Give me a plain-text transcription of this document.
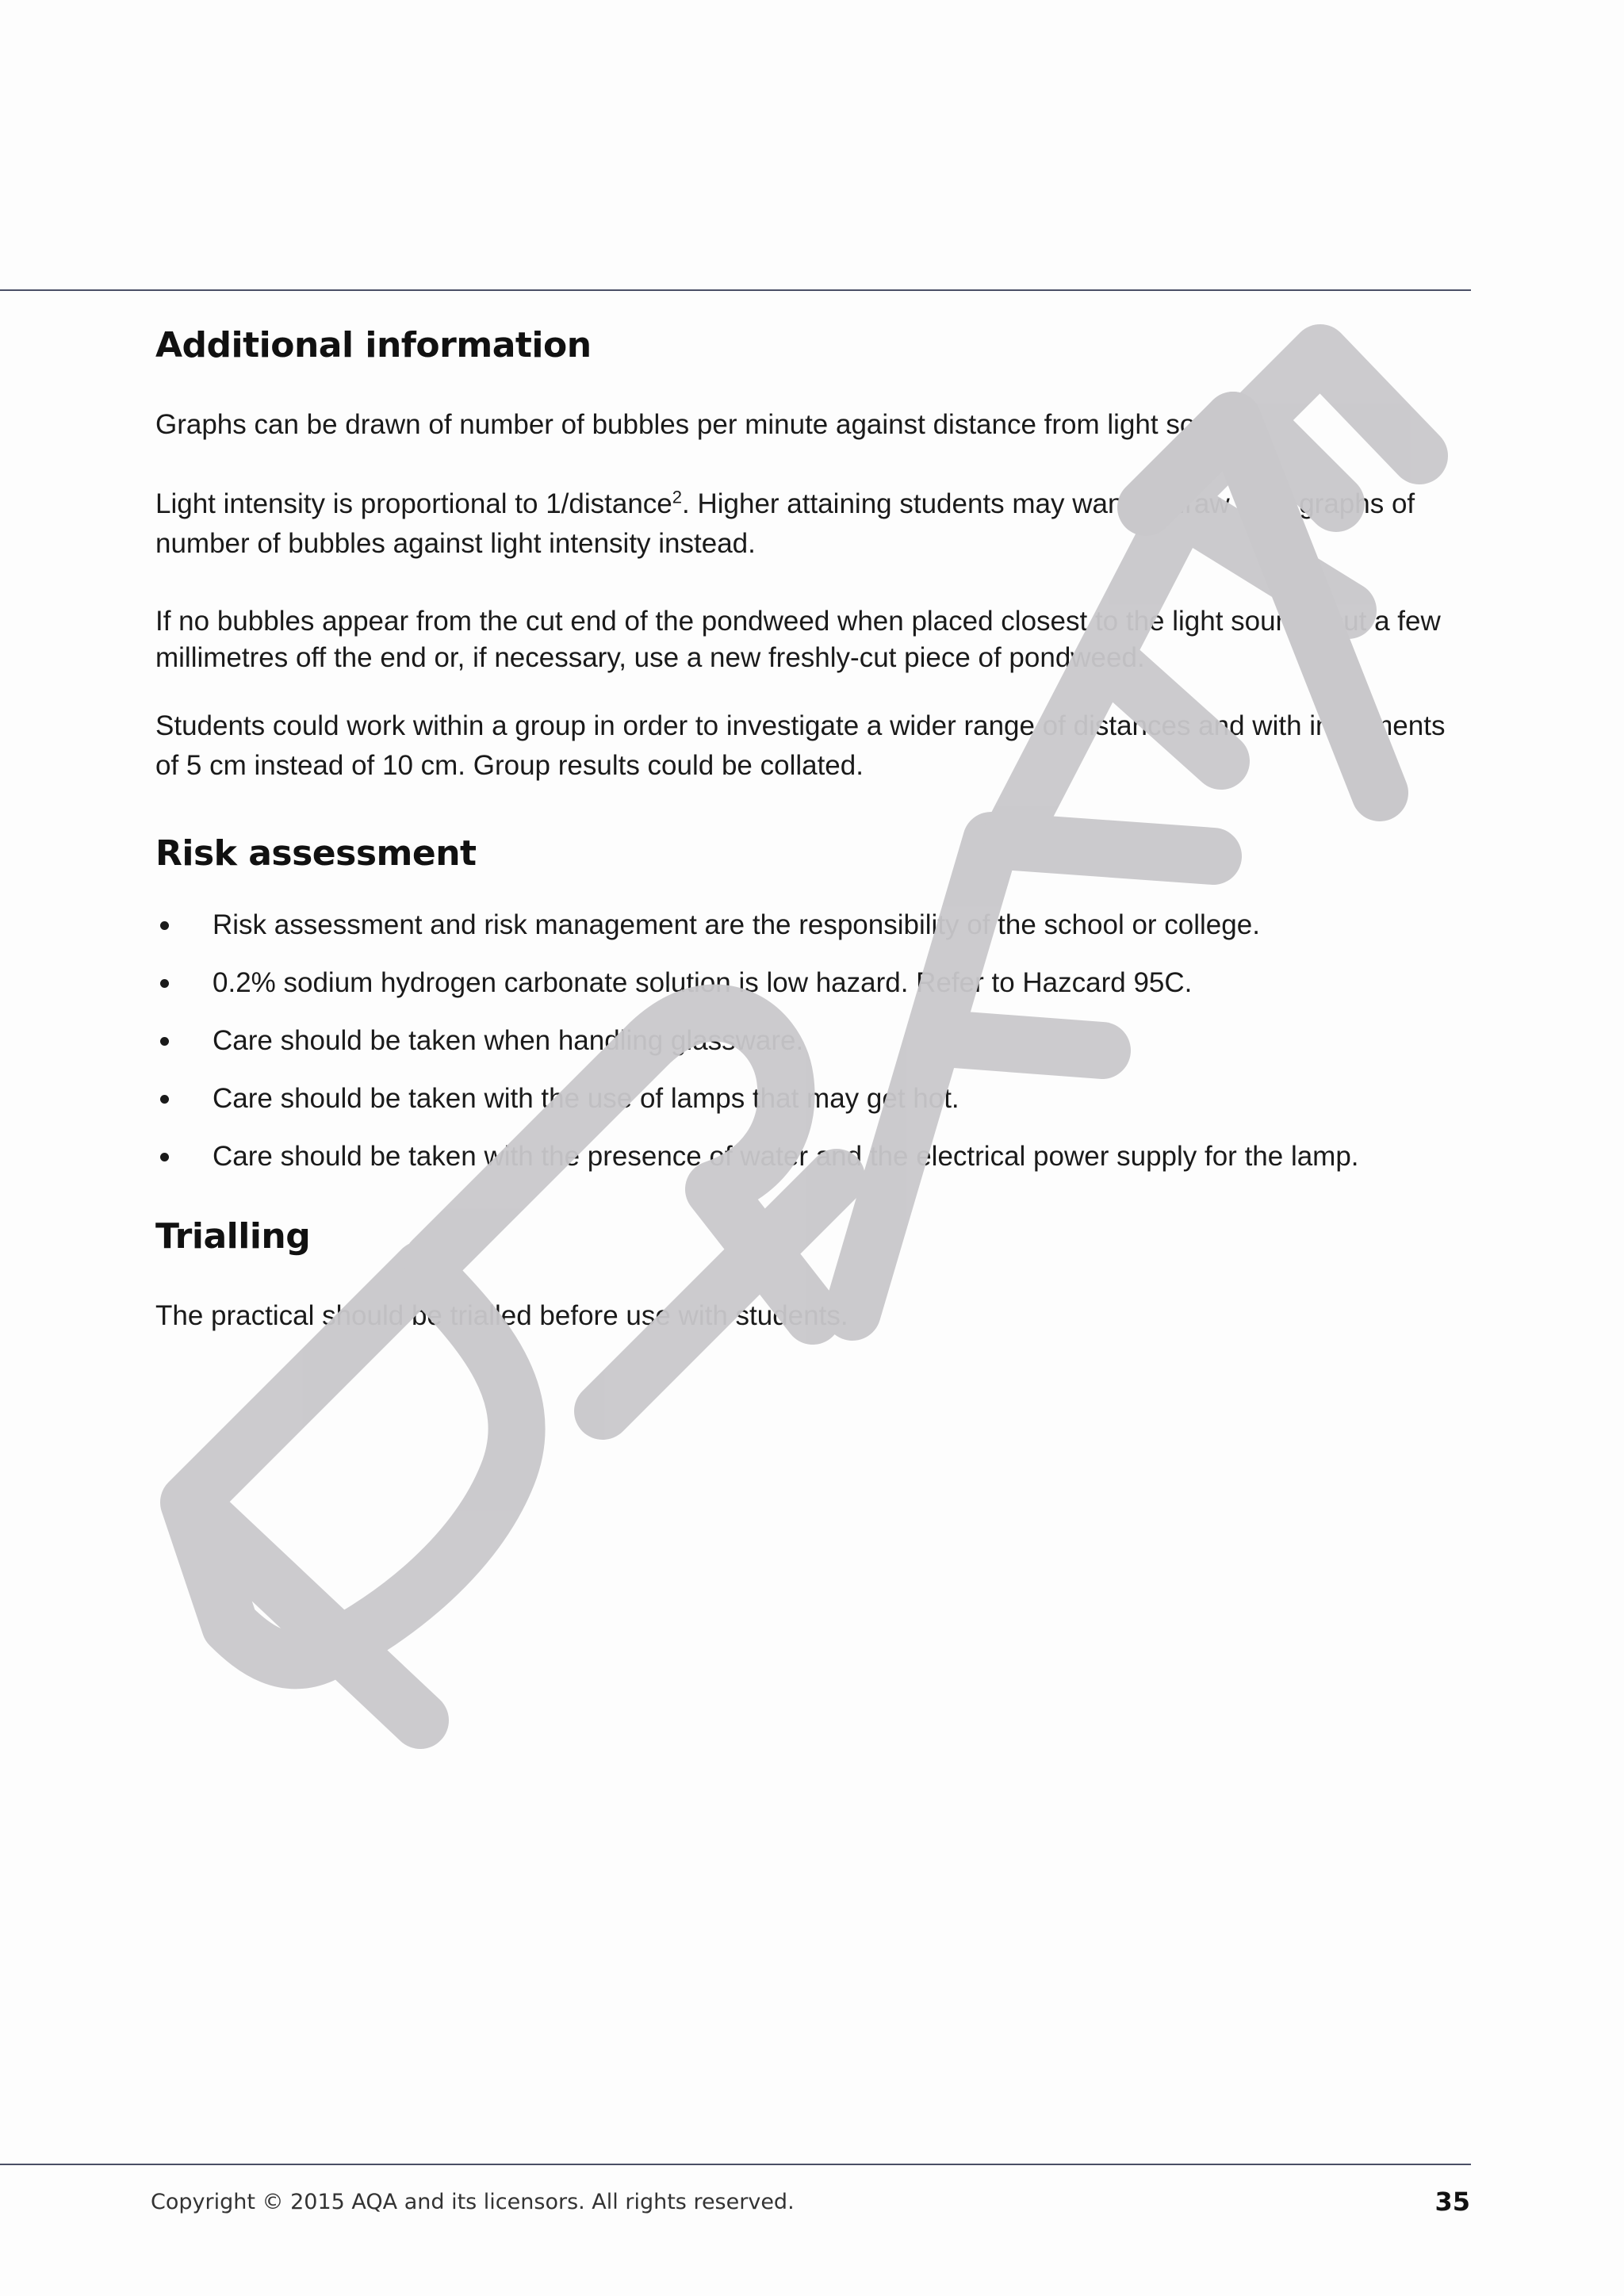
Additional information

Graphs can be drawn of number of bubbles per minute against distance from light source.

Light intensity is proportional to 1/distance$^2$. Higher attaining students may want to draw their graphs of number of bubbles against light intensity instead.

If no bubbles appear from the cut end of the pondweed when placed closest to the light source, cut a few millimetres off the end or, if necessary, use a new freshly-cut piece of pondweed.

Students could work within a group in order to investigate a wider range of distances and with increments of 5 cm instead of 10 cm. Group results could be collated.

Risk assessment
Risk assessment and risk management are the responsibility of the school or college.
0.2% sodium hydrogen carbonate solution is low hazard. Refer to Hazcard 95C.
Care should be taken when handling glassware.
Care should be taken with the use of lamps that may get hot.
Care should be taken with the presence of water and the electrical power supply for the lamp.
Trialling

The practical should be trialled before use with students.

Copyright © 2015 AQA and its licensors. All rights reserved.	35
